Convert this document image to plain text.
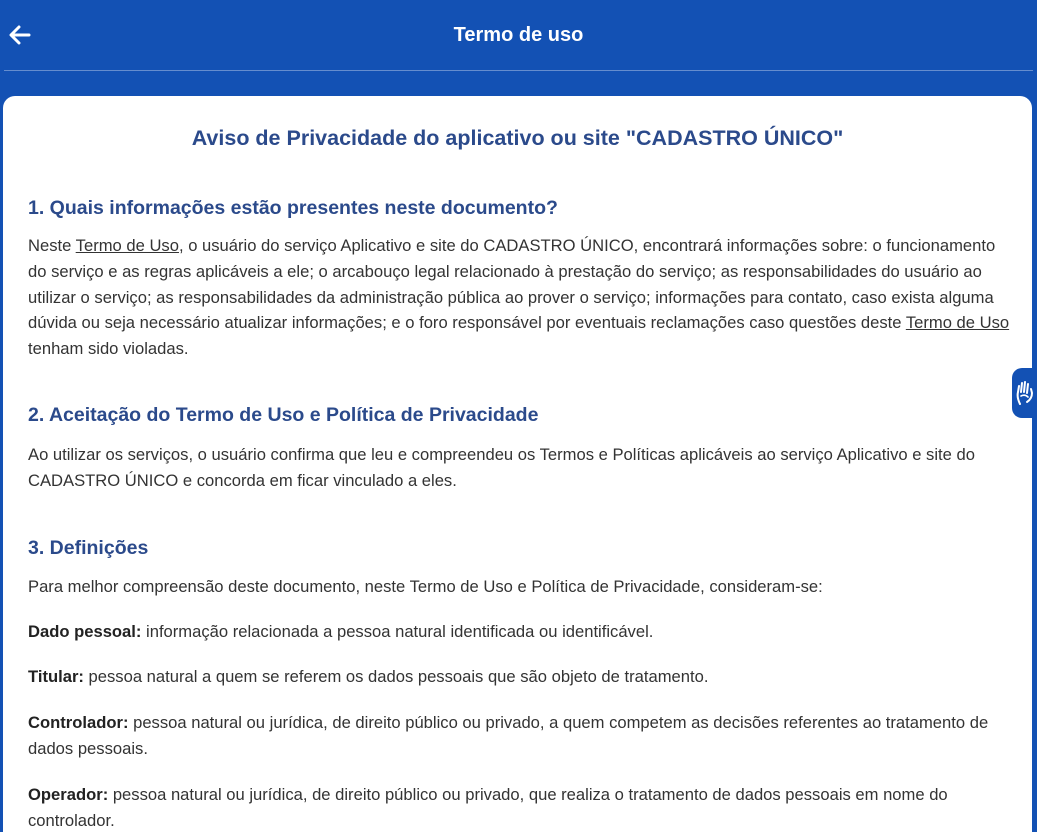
Termo de uso
Aviso de Privacidade do aplicativo ou site "CADASTRO ÚNICO"
1. Quais informações estão presentes neste documento?
Neste Termo de Uso, o usuário do serviço Aplicativo e site do CADASTRO ÚNICO, encontrará informações sobre: o funcionamento do serviço e as regras aplicáveis a ele; o arcabouço legal relacionado à prestação do serviço; as responsabilidades do usuário ao utilizar o serviço; as responsabilidades da administração pública ao prover o serviço; informações para contato, caso exista alguma dúvida ou seja necessário atualizar informações; e o foro responsável por eventuais reclamações caso questões deste Termo de Uso tenham sido violadas.
2. Aceitação do Termo de Uso e Política de Privacidade
Ao utilizar os serviços, o usuário confirma que leu e compreendeu os Termos e Políticas aplicáveis ao serviço Aplicativo e site do CADASTRO ÚNICO e concorda em ficar vinculado a eles.
3. Definições
Para melhor compreensão deste documento, neste Termo de Uso e Política de Privacidade, consideram-se:
Dado pessoal: informação relacionada a pessoa natural identificada ou identificável.
Titular: pessoa natural a quem se referem os dados pessoais que são objeto de tratamento.
Controlador: pessoa natural ou jurídica, de direito público ou privado, a quem competem as decisões referentes ao tratamento de dados pessoais.
Operador: pessoa natural ou jurídica, de direito público ou privado, que realiza o tratamento de dados pessoais em nome do controlador.
